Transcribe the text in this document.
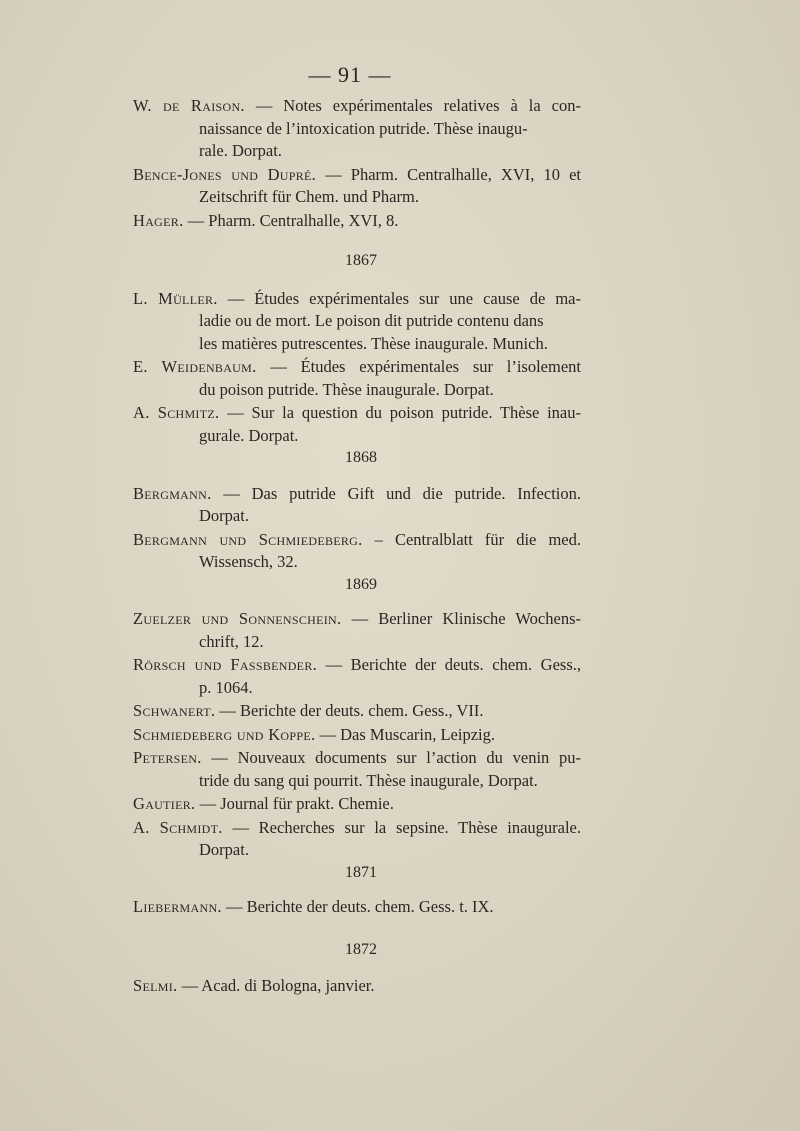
— 91 —
W. de Raison. — Notes expérimentales relatives à la con-
naissance de l’intoxication putride. Thèse inaugu-
rale. Dorpat.
Bence-Jones und Dupré. — Pharm. Centralhalle, XVI, 10 et
Zeitschrift für Chem. und Pharm.
Hager. — Pharm. Centralhalle, XVI, 8.
1867
L. Müller. — Études expérimentales sur une cause de ma-
ladie ou de mort. Le poison dit putride contenu dans
les matières putrescentes. Thèse inaugurale. Munich.
E. Weidenbaum. — Études expérimentales sur l’isolement
du poison putride. Thèse inaugurale. Dorpat.
A. Schmitz. — Sur la question du poison putride. Thèse inau-
gurale. Dorpat.
1868
Bergmann. — Das putride Gift und die putride. Infection.
Dorpat.
Bergmann und Schmiedeberg. – Centralblatt für die med.
Wissensch, 32.
1869
Zuelzer und Sonnenschein. — Berliner Klinische Wochens-
chrift, 12.
Rörsch und Fassbender. — Berichte der deuts. chem. Gess.,
p. 1064.
Schwanert. — Berichte der deuts. chem. Gess., VII.
Schmiedeberg und Koppe. — Das Muscarin, Leipzig.
Petersen. — Nouveaux documents sur l’action du venin pu-
tride du sang qui pourrit. Thèse inaugurale, Dorpat.
Gautier. — Journal für prakt. Chemie.
A. Schmidt. — Recherches sur la sepsine. Thèse inaugurale.
Dorpat.
1871
Liebermann. — Berichte der deuts. chem. Gess. t. IX.
1872
Selmi. — Acad. di Bologna, janvier.
